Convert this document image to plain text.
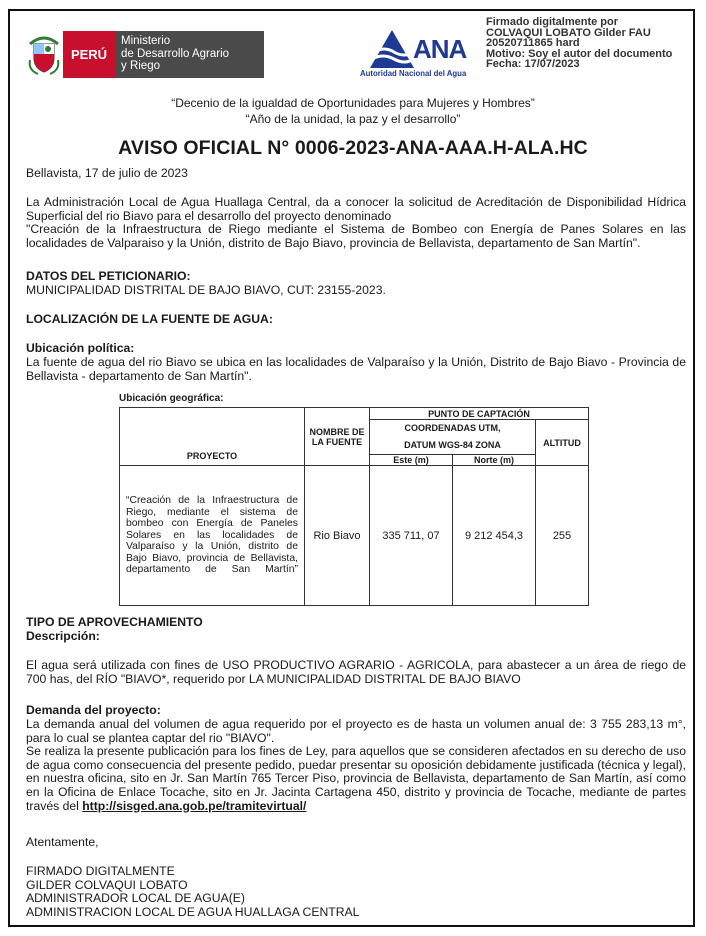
PERÚ
Ministerio
de Desarrollo Agrario
y Riego
ANA
Autoridad Nacional del Agua
Firmado digitalmente por
COLVAQUI LOBATO Gilder FAU
20520711865 hard
Motivo: Soy el autor del documento
Fecha: 17/07/2023
“Decenio de la igualdad de Oportunidades para Mujeres y Hombres”
“Año de la unidad, la paz y el desarrollo”
AVISO OFICIAL N° 0006-2023-ANA-AAA.H-ALA.HC

Bellavista, 17 de julio de 2023

La Administración Local de Agua Huallaga Central, da a conocer la solicitud de Acreditación de Disponibilidad Hídrica Superficial del rio Biavo para el desarrollo del proyecto denominado
"Creación de la Infraestructura de Riego mediante el Sistema de Bombeo con Energía de Panes Solares en las localidades de Valparaiso y la Unión, distrito de Bajo Biavo, provincia de Bellavista, departamento de San Martín".

DATOS DEL PETICIONARIO:

MUNICIPALIDAD DISTRITAL DE BAJO BIAVO, CUT: 23155-2023.

LOCALIZACIÓN DE LA FUENTE DE AGUA:

Ubicación política:

La fuente de agua del rio Biavo se ubica en las localidades de Valparaíso y la Unión, Distrito de Bajo Biavo - Provincia de Bellavista - departamento de San Martín".

Ubicación geográfica:
PROYECTO	NOMBRE DE LA FUENTE	PUNTO DE CAPTACIÓN		

		COORDENADAS UTM,
DATUM WGS-84 ZONA		ALTITUD
		Este (m)	Norte (m)	
“Creación de la Infraestructura de Riego, mediante el sistema de bombeo con Energía de Paneles Solares en las localidades de Valparaíso y la Unión, distrito de Bajo Biavo, provincia de Bellavista, departamento de San Martín”	Rio Biavo	335 711, 07	9 212 454,3	255

TIPO DE APROVECHAMIENTO

Descripción:

El agua será utilizada con fines de USO PRODUCTIVO AGRARIO - AGRICOLA, para abastecer a un área de riego de 700 has, del RÍO "BIAVO*, requerido por LA MUNICIPALIDAD DISTRITAL DE BAJO BIAVO

Demanda del proyecto:

La demanda anual del volumen de agua requerido por el proyecto es de hasta un volumen anual de: 3 755 283,13 m°, para lo cual se plantea captar del rio "BIAVO".
Se realiza la presente publicación para los fines de Ley, para aquellos que se consideren afectados en su derecho de uso de agua como consecuencia del presente pedido, puedar presentar su oposición debidamente justificada (técnica y legal), en nuestra oficina, sito en Jr. San Martín 765 Tercer Piso, provincia de Bellavista, departamento de San Martín, así como en la Oficina de Enlace Tocache, sito en Jr. Jacinta Cartagena 450, distrito y provincia de Tocache, mediante de partes través del http://sisged.ana.gob.pe/tramitevirtual/

Atentamente,

FIRMADO DIGITALMENTE
GILDER COLVAQUI LOBATO
ADMINISTRADOR LOCAL DE AGUA(E)
ADMINISTRACION LOCAL DE AGUA HUALLAGA CENTRAL
